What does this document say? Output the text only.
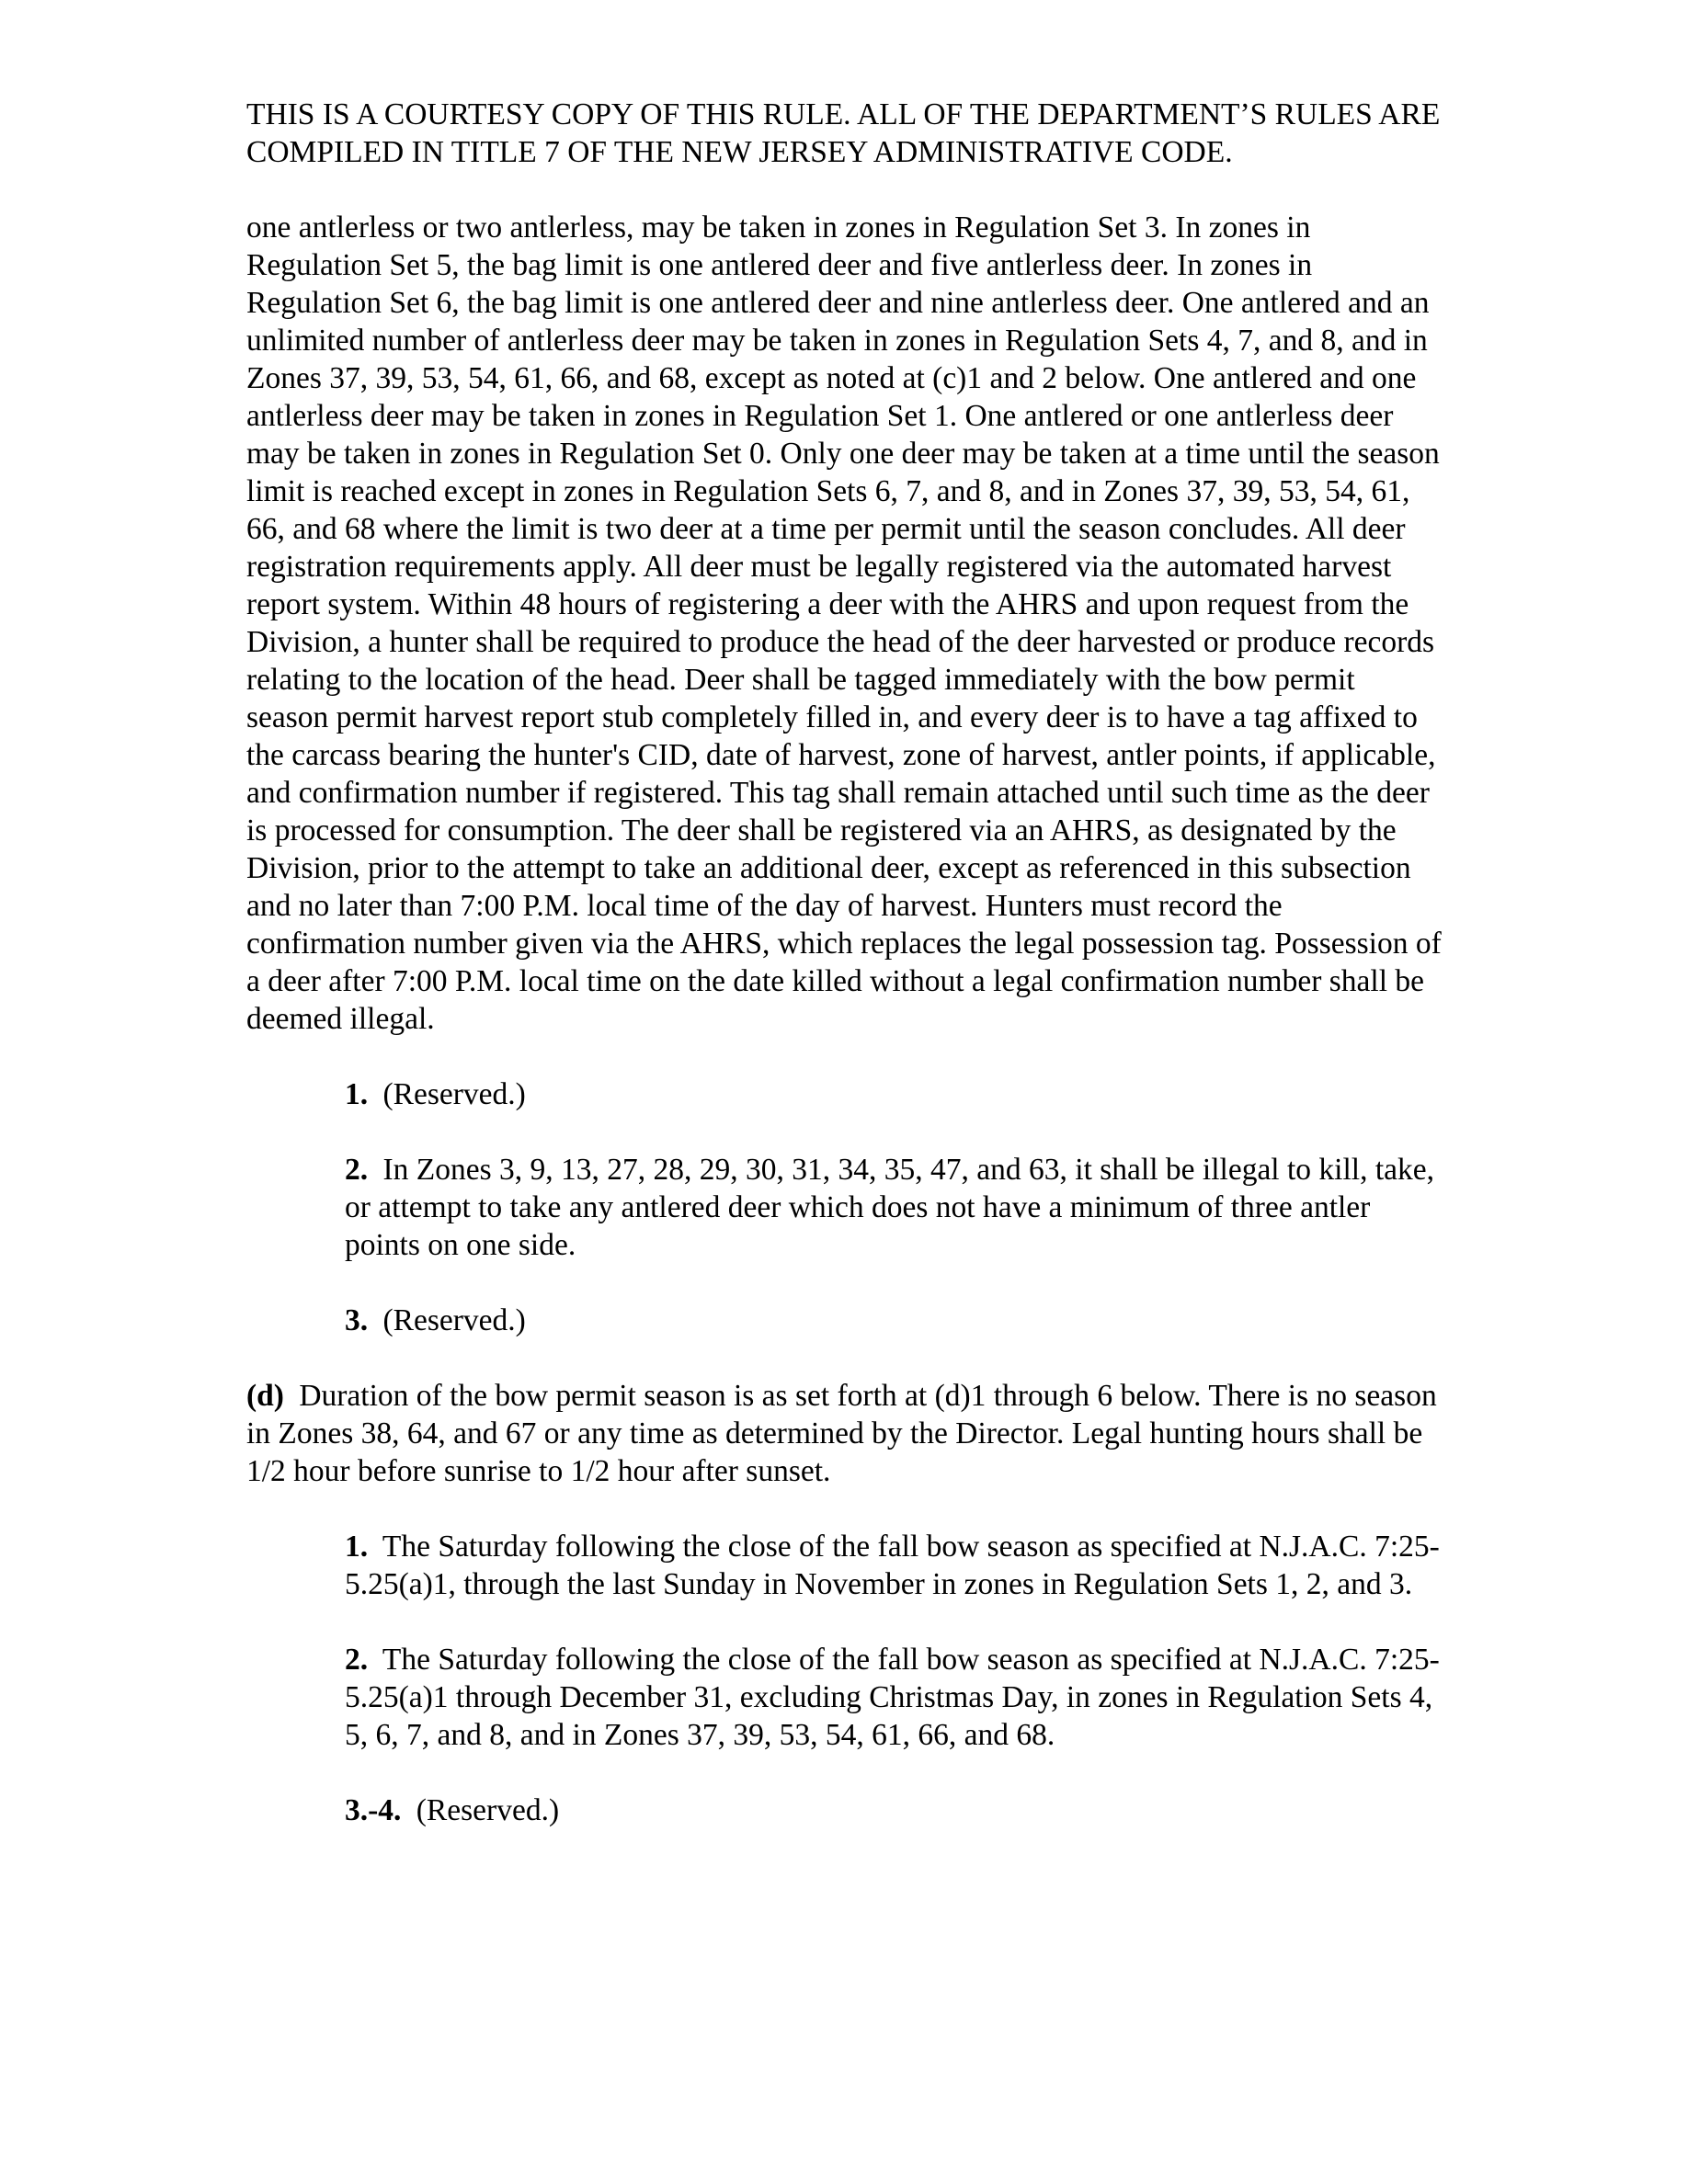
THIS IS A COURTESY COPY OF THIS RULE. ALL OF THE DEPARTMENT’S RULES ARE COMPILED IN TITLE 7 OF THE NEW JERSEY ADMINISTRATIVE CODE.
one antlerless or two antlerless, may be taken in zones in Regulation Set 3. In zones in Regulation Set 5, the bag limit is one antlered deer and five antlerless deer. In zones in Regulation Set 6, the bag limit is one antlered deer and nine antlerless deer. One antlered and an unlimited number of antlerless deer may be taken in zones in Regulation Sets 4, 7, and 8, and in Zones 37, 39, 53, 54, 61, 66, and 68, except as noted at (c)1 and 2 below. One antlered and one antlerless deer may be taken in zones in Regulation Set 1. One antlered or one antlerless deer may be taken in zones in Regulation Set 0. Only one deer may be taken at a time until the season limit is reached except in zones in Regulation Sets 6, 7, and 8, and in Zones 37, 39, 53, 54, 61, 66, and 68 where the limit is two deer at a time per permit until the season concludes. All deer registration requirements apply. All deer must be legally registered via the automated harvest report system. Within 48 hours of registering a deer with the AHRS and upon request from the Division, a hunter shall be required to produce the head of the deer harvested or produce records relating to the location of the head. Deer shall be tagged immediately with the bow permit season permit harvest report stub completely filled in, and every deer is to have a tag affixed to the carcass bearing the hunter's CID, date of harvest, zone of harvest, antler points, if applicable, and confirmation number if registered. This tag shall remain attached until such time as the deer is processed for consumption. The deer shall be registered via an AHRS, as designated by the Division, prior to the attempt to take an additional deer, except as referenced in this subsection and no later than 7:00 P.M. local time of the day of harvest. Hunters must record the confirmation number given via the AHRS, which replaces the legal possession tag. Possession of a deer after 7:00 P.M. local time on the date killed without a legal confirmation number shall be deemed illegal.
1. (Reserved.)
2. In Zones 3, 9, 13, 27, 28, 29, 30, 31, 34, 35, 47, and 63, it shall be illegal to kill, take, or attempt to take any antlered deer which does not have a minimum of three antler points on one side.
3. (Reserved.)
(d) Duration of the bow permit season is as set forth at (d)1 through 6 below. There is no season in Zones 38, 64, and 67 or any time as determined by the Director. Legal hunting hours shall be 1/2 hour before sunrise to 1/2 hour after sunset.
1. The Saturday following the close of the fall bow season as specified at N.J.A.C. 7:25-5.25(a)1, through the last Sunday in November in zones in Regulation Sets 1, 2, and 3.
2. The Saturday following the close of the fall bow season as specified at N.J.A.C. 7:25-5.25(a)1 through December 31, excluding Christmas Day, in zones in Regulation Sets 4, 5, 6, 7, and 8, and in Zones 37, 39, 53, 54, 61, 66, and 68.
3.-4. (Reserved.)
